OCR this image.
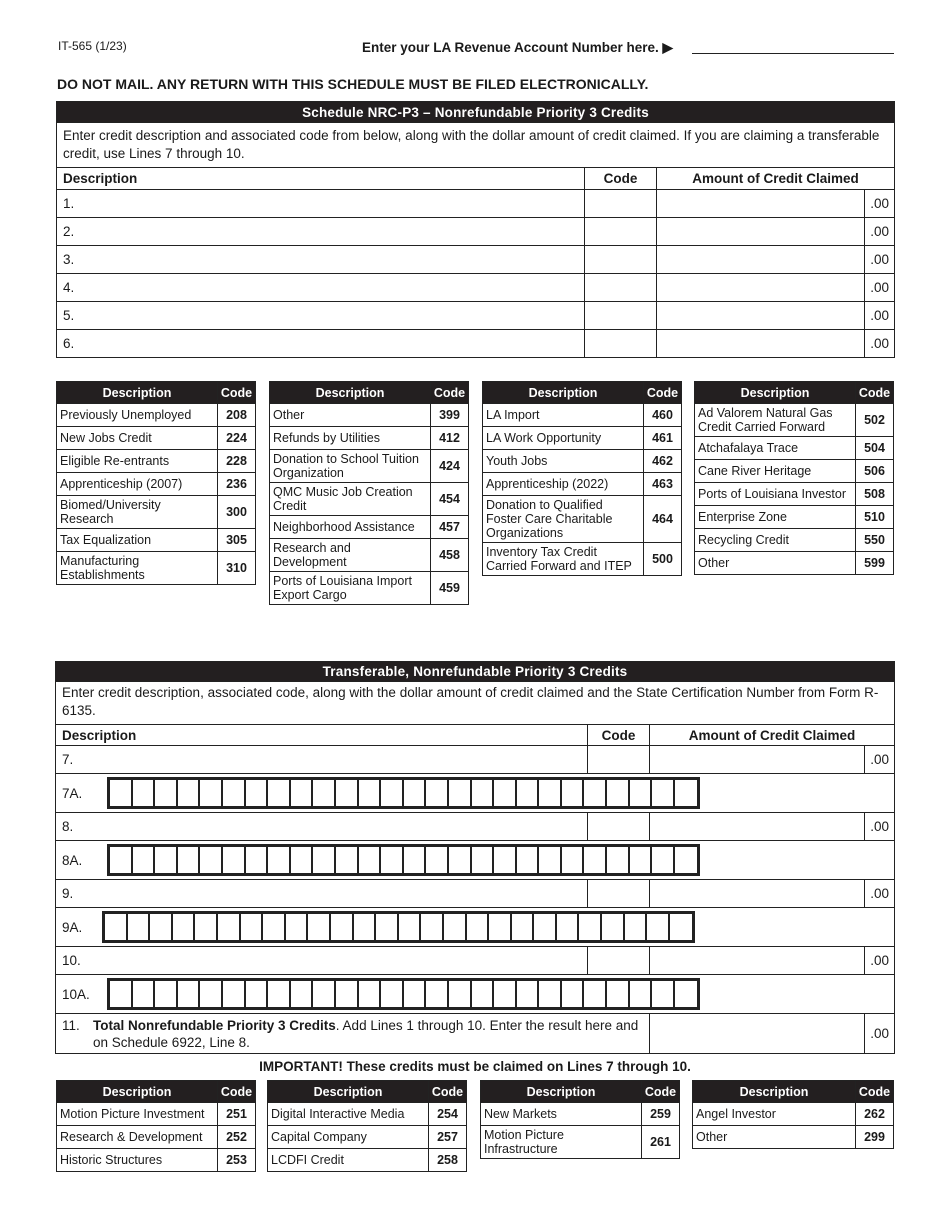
IT-565 (1/23)	Enter your LA Revenue Account Number here. ▶
DO NOT MAIL. ANY RETURN WITH THIS SCHEDULE MUST BE FILED ELECTRONICALLY.
Schedule NRC-P3 – Nonrefundable Priority 3 Credits			
Enter credit description and associated code from below, along with the dollar amount of credit claimed. If you are claiming a transferable credit, use Lines 7 through 10.			
Description	Code	Amount of Credit Claimed	
1.			.00
2.			.00
3.			.00
4.			.00
5.			.00
6.			.00
Description	Code
Previously Unemployed	208
New Jobs Credit	224
Eligible Re-entrants	228
Apprenticeship (2007)	236
Biomed/University Research	300
Tax Equalization	305
Manufacturing Establishments	310
Description	Code
Other	399
Refunds by Utilities	412
Donation to School Tuition Organization	424
QMC Music Job Creation Credit	454
Neighborhood Assistance	457
Research and Development	458
Ports of Louisiana Import Export Cargo	459
Description	Code
LA Import	460
LA Work Opportunity	461
Youth Jobs	462
Apprenticeship (2022)	463
Donation to Qualified Foster Care Charitable Organizations	464
Inventory Tax Credit Carried Forward and ITEP	500
Description	Code
Ad Valorem Natural Gas Credit Carried Forward	502
Atchafalaya Trace	504
Cane River Heritage	506
Ports of Louisiana Investor	508
Enterprise Zone	510
Recycling Credit	550
Other	599
Transferable, Nonrefundable Priority 3 Credits			
Enter credit description, associated code, along with the dollar amount of credit claimed and the State Certification Number from Form R-6135.			
Description	Code	Amount of Credit Claimed	
7.			.00

7A.			

8.			.00

8A.			

9.			.00

9A.			

10.			.00

10A.			

11. Total Nonrefundable Priority 3 Credits. Add Lines 1 through 10. Enter the result here and on Schedule 6922, Line 8.			.00
IMPORTANT! These credits must be claimed on Lines 7 through 10.
Description	Code
Motion Picture Investment	251
Research & Development	252
Historic Structures	253
Description	Code
Digital Interactive Media	254
Capital Company	257
LCDFI Credit	258
Description	Code
New Markets	259
Motion Picture Infrastructure	261
Description	Code
Angel Investor	262
Other	299
